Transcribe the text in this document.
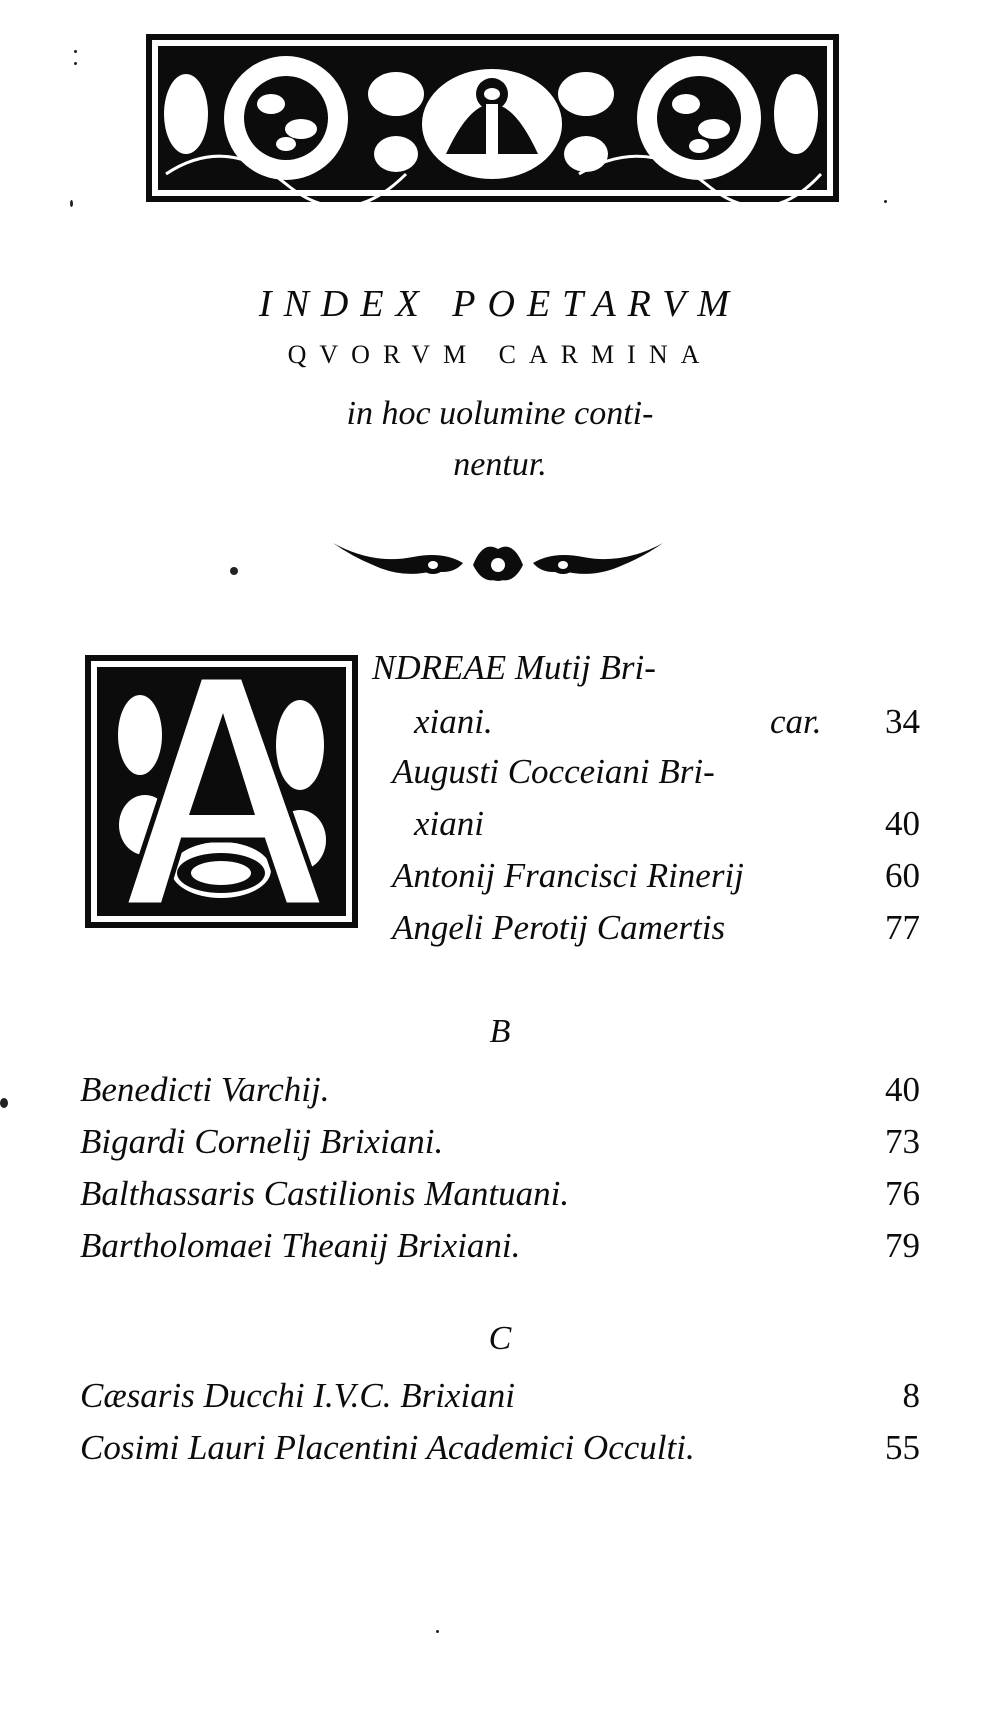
INDEX POETARVM
QVORVM CARMINA
in hoc uolumine conti-
nentur.
NDREAE Mutij Bri-
xiani.	car.	34
Augusti Cocceiani Bri-
xiani	40
Antonij Francisci Rinerij	60
Angeli Perotij Camertis	77
B
Benedicti Varchij.	40
Bigardi Cornelij Brixiani.	73
Balthassaris Castilionis Mantuani.	76
Bartholomaei Theanij Brixiani.	79
C
Cæsaris Ducchi I.V.C. Brixiani	8
Cosimi Lauri Placentini Academici Occulti.	55
